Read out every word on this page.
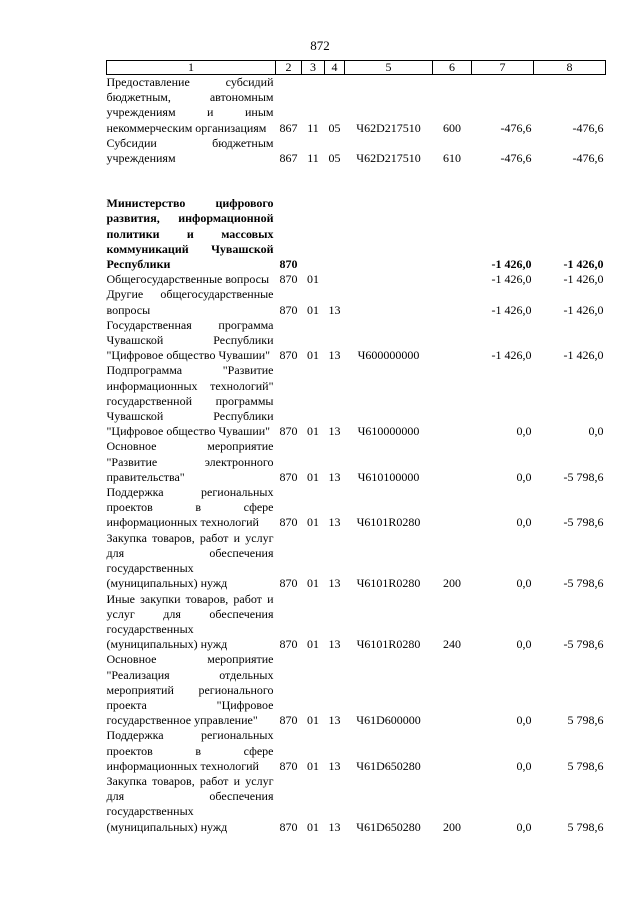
872
1	2	3	4	5	6	7	8
Предоставление субсидий бюджетным, автономным учреждениям и иным некоммерческим организациям	867	11	05	Ч62D217510	600	-476,6	-476,6
Субсидии бюджетным учреждениям	867	11	05	Ч62D217510	610	-476,6	-476,6

Министерство цифрового развития, информационной политики и массовых коммуникаций Чувашской Республики	870					-1 426,0	-1 426,0
Общегосударственные вопросы	870	01				-1 426,0	-1 426,0
Другие общегосударственные вопросы	870	01	13			-1 426,0	-1 426,0
Государственная программа Чувашской Республики "Цифровое общество Чувашии"	870	01	13	Ч600000000		-1 426,0	-1 426,0
Подпрограмма "Развитие информационных технологий" государственной программы Чувашской Республики "Цифровое общество Чувашии"	870	01	13	Ч610000000		0,0	0,0
Основное мероприятие "Развитие электронного правительства"	870	01	13	Ч610100000		0,0	-5 798,6
Поддержка региональных проектов в сфере информационных технологий	870	01	13	Ч6101R0280		0,0	-5 798,6
Закупка товаров, работ и услуг для обеспечения государственных (муниципальных) нужд	870	01	13	Ч6101R0280	200	0,0	-5 798,6
Иные закупки товаров, работ и услуг для обеспечения государственных (муниципальных) нужд	870	01	13	Ч6101R0280	240	0,0	-5 798,6
Основное мероприятие "Реализация отдельных мероприятий регионального проекта "Цифровое государственное управление"	870	01	13	Ч61D600000		0,0	5 798,6
Поддержка региональных проектов в сфере информационных технологий	870	01	13	Ч61D650280		0,0	5 798,6
Закупка товаров, работ и услуг для обеспечения государственных (муниципальных) нужд	870	01	13	Ч61D650280	200	0,0	5 798,6
